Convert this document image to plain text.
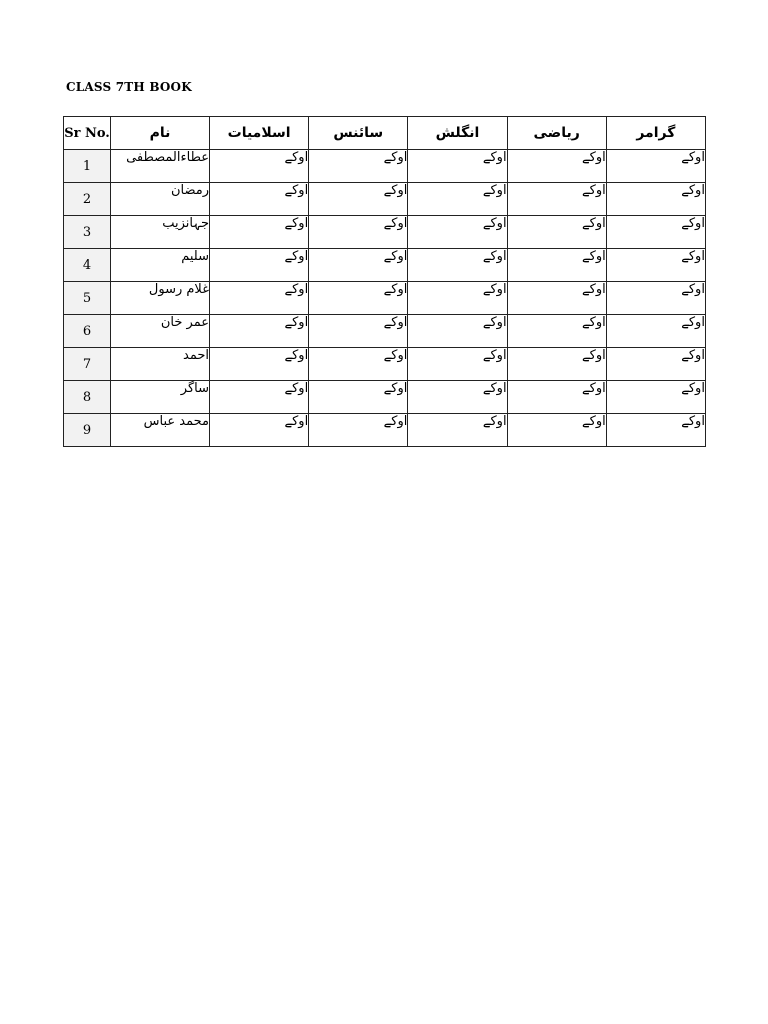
CLASS 7TH BOOK
Sr No.	نام	اسلامیات	سائنس	انگلش	ریاضی	گرامر
1	عطاءالمصطفی	اوکے	اوکے	اوکے	اوکے	اوکے
2	رمضان	اوکے	اوکے	اوکے	اوکے	اوکے
3	جہانزیب	اوکے	اوکے	اوکے	اوکے	اوکے
4	سلیم	اوکے	اوکے	اوکے	اوکے	اوکے
5	غلام رسول	اوکے	اوکے	اوکے	اوکے	اوکے
6	عمر خان	اوکے	اوکے	اوکے	اوکے	اوکے
7	احمد	اوکے	اوکے	اوکے	اوکے	اوکے
8	ساگر	اوکے	اوکے	اوکے	اوکے	اوکے
9	محمد عباس	اوکے	اوکے	اوکے	اوکے	اوکے
